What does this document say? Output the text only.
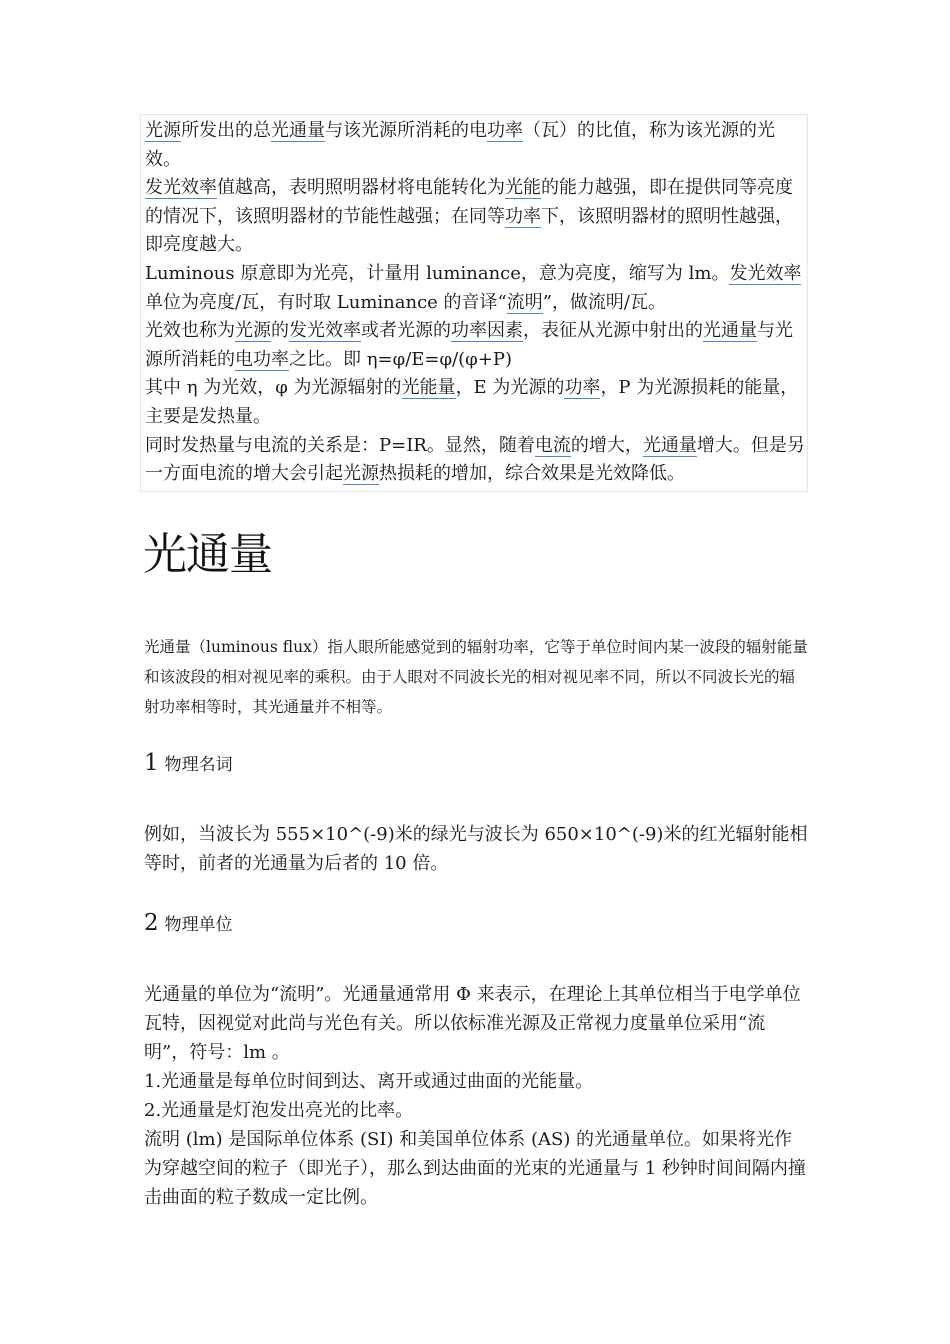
光源所发出的总光通量与该光源所消耗的电功率（瓦）的比值，称为该光源的光效。

发光效率值越高，表明照明器材将电能转化为光能的能力越强，即在提供同等亮度的情况下，该照明器材的节能性越强；在同等功率下，该照明器材的照明性越强，即亮度越大。

Luminous 原意即为光亮，计量用 luminance，意为亮度，缩写为 lm。发光效率单位为亮度/瓦，有时取 Luminance 的音译“流明”，做流明/瓦。

光效也称为光源的发光效率或者光源的功率因素，表征从光源中射出的光通量与光源所消耗的电功率之比。即 η=φ/E=φ/(φ+P)

其中 η 为光效，φ 为光源辐射的光能量，E 为光源的功率，P 为光源损耗的能量，主要是发热量。

同时发热量与电流的关系是：P=IR。显然，随着电流的增大，光通量增大。但是另一方面电流的增大会引起光源热损耗的增加，综合效果是光效降低。

光通量

光通量（luminous flux）指人眼所能感觉到的辐射功率，它等于单位时间内某一波段的辐射能量和该波段的相对视见率的乘积。由于人眼对不同波长光的相对视见率不同，所以不同波长光的辐射功率相等时，其光通量并不相等。

1 物理名词

例如，当波长为 555×10^(-9)米的绿光与波长为 650×10^(-9)米的红光辐射能相等时，前者的光通量为后者的 10 倍。

2 物理单位

光通量的单位为“流明”。光通量通常用 Φ 来表示，在理论上其单位相当于电学单位瓦特，因视觉对此尚与光色有关。所以依标准光源及正常视力度量单位采用“流明”，符号：lm 。

1.光通量是每单位时间到达、离开或通过曲面的光能量。

2.光通量是灯泡发出亮光的比率。

流明 (lm) 是国际单位体系 (SI) 和美国单位体系 (AS) 的光通量单位。如果将光作为穿越空间的粒子（即光子），那么到达曲面的光束的光通量与 1 秒钟时间间隔内撞击曲面的粒子数成一定比例。
